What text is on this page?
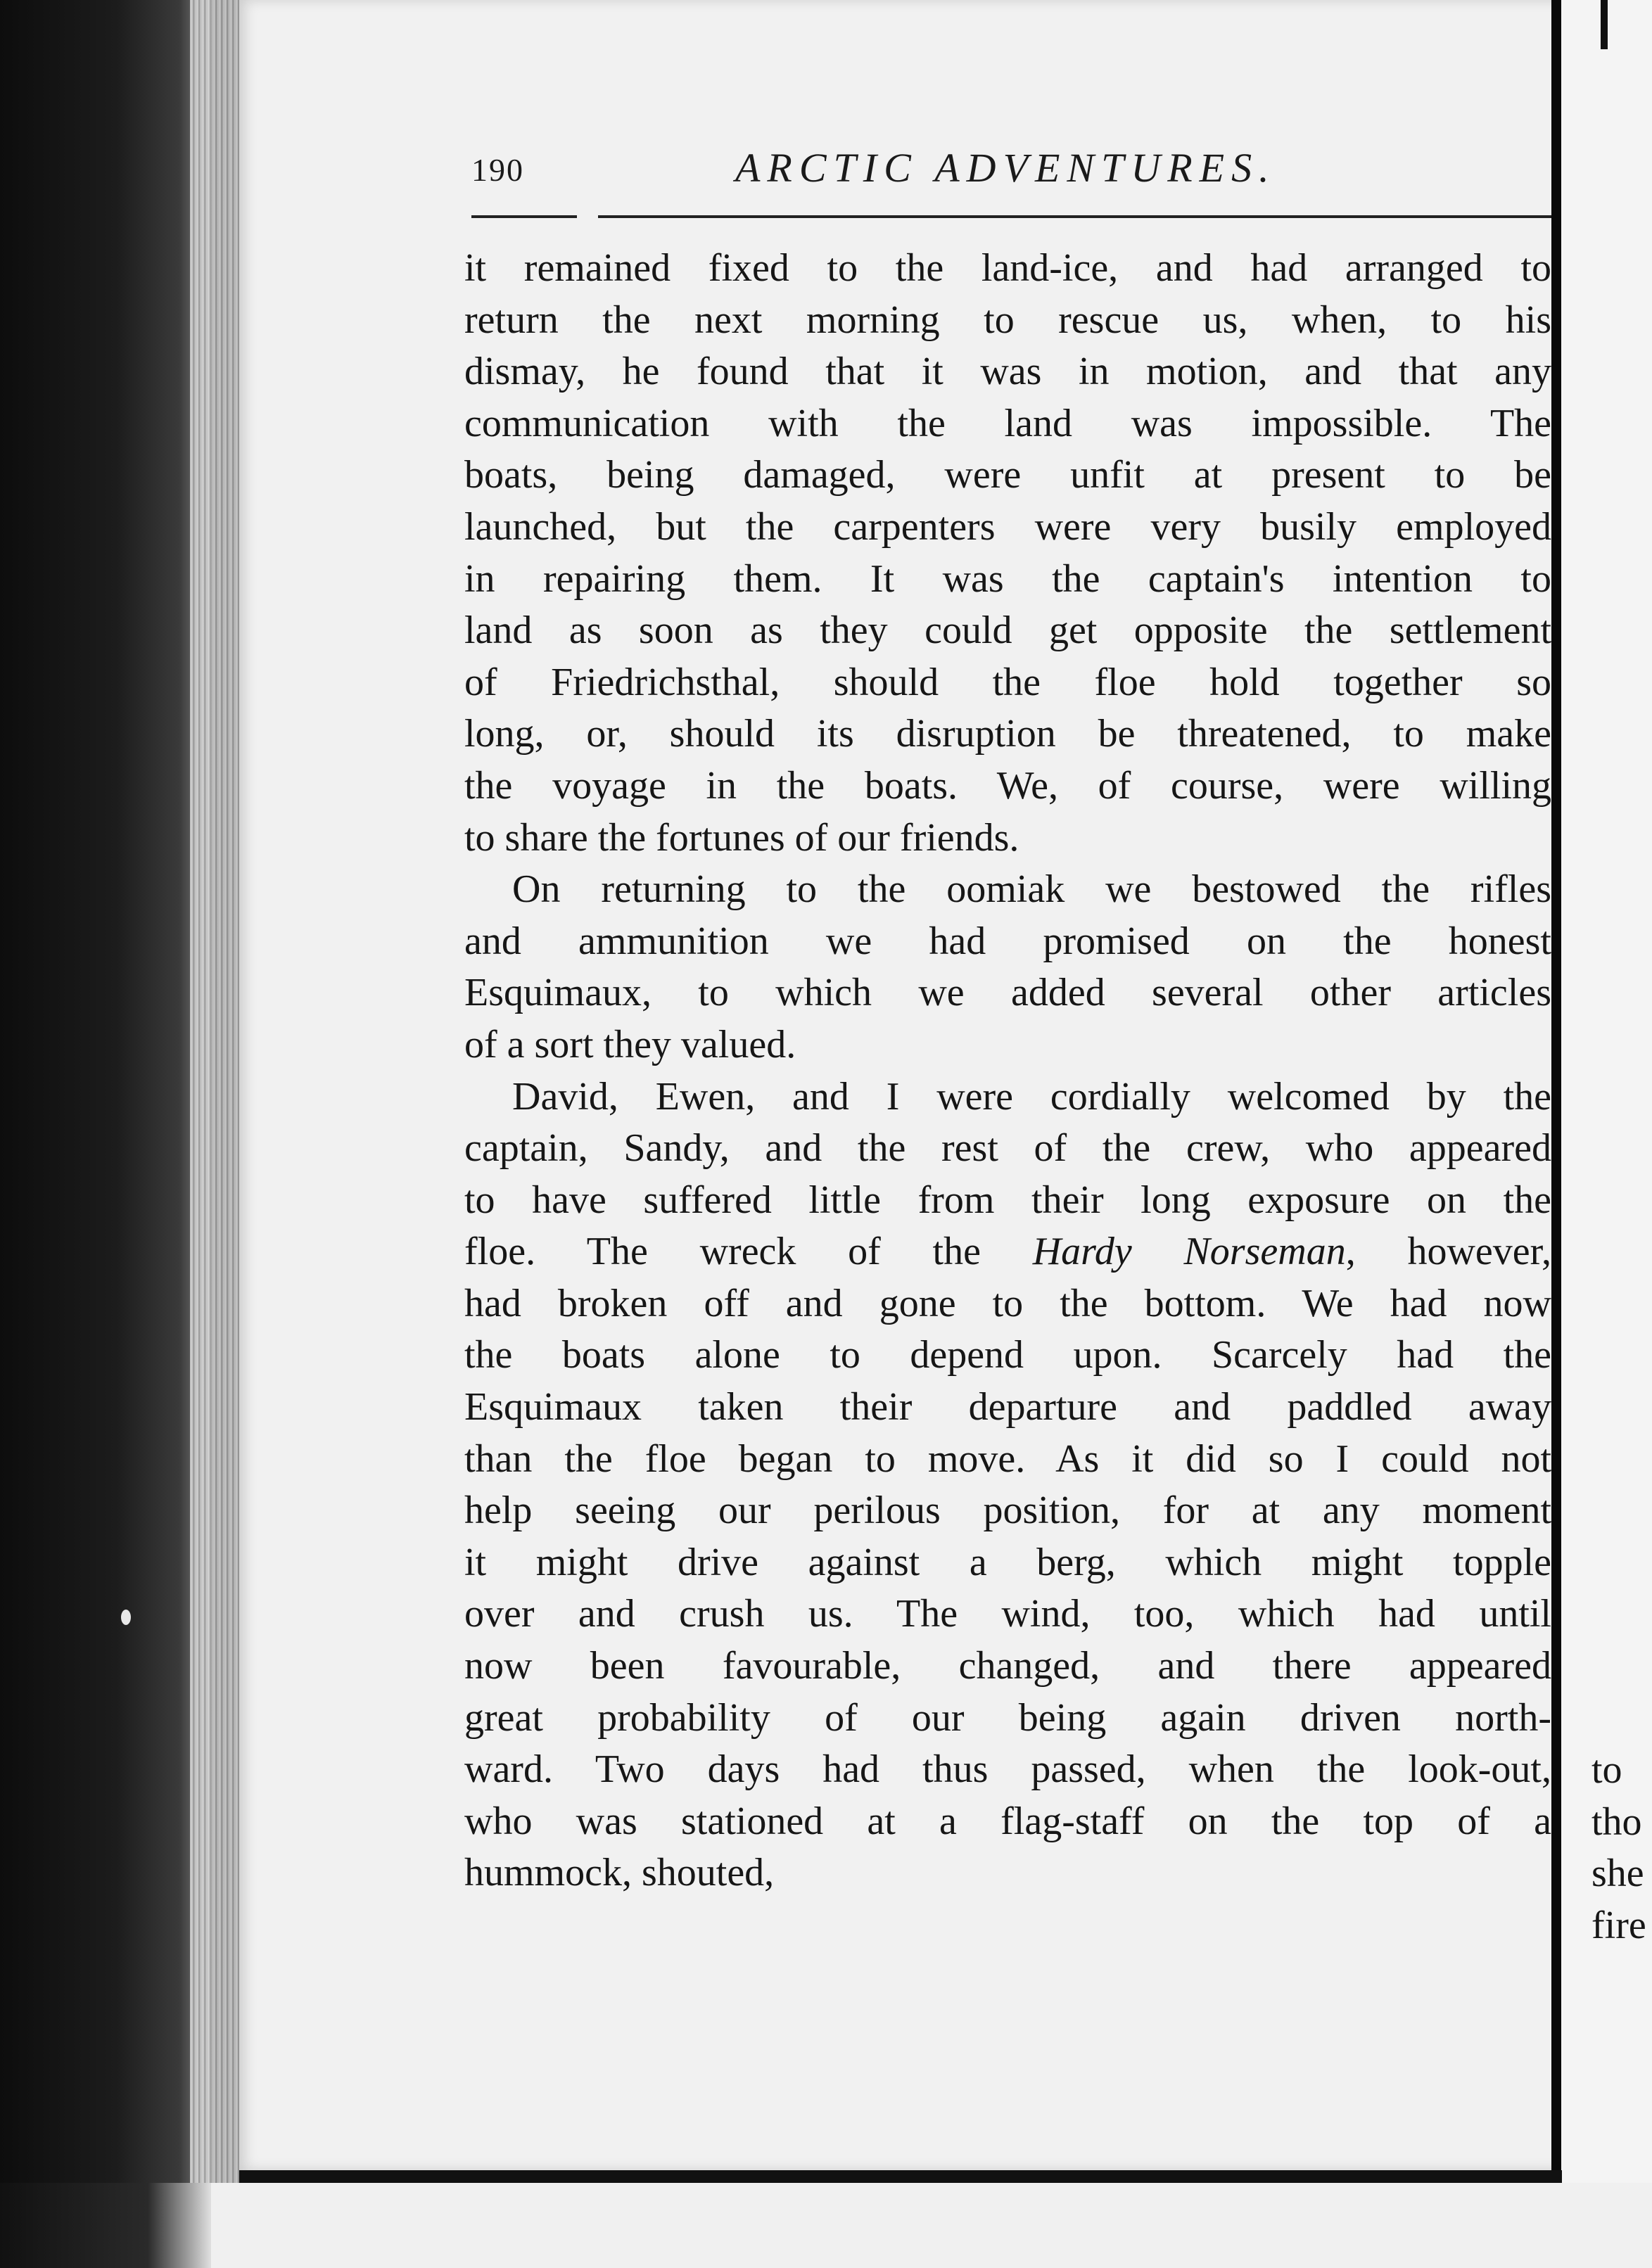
190	ARCTIC ADVENTURES.
it remained fixed to the land-ice, and had arranged to
return the next morning to rescue us, when, to his
dismay, he found that it was in motion, and that any
communication with the land was impossible. The
boats, being damaged, were unfit at present to be
launched, but the carpenters were very busily employed
in repairing them. It was the captain's intention to
land as soon as they could get opposite the settlement
of Friedrichsthal, should the floe hold together so
long, or, should its disruption be threatened, to make
the voyage in the boats. We, of course, were willing
to share the fortunes of our friends.
On returning to the oomiak we bestowed the rifles
and ammunition we had promised on the honest
Esquimaux, to which we added several other articles
of a sort they valued.
David, Ewen, and I were cordially welcomed by the
captain, Sandy, and the rest of the crew, who appeared
to have suffered little from their long exposure on the
floe. The wreck of the Hardy Norseman, however,
had broken off and gone to the bottom. We had now
the boats alone to depend upon. Scarcely had the
Esquimaux taken their departure and paddled away
than the floe began to move. As it did so I could not
help seeing our perilous position, for at any moment
it might drive against a berg, which might topple
over and crush us. The wind, too, which had until
now been favourable, changed, and there appeared
great probability of our being again driven north-
ward. Two days had thus passed, when the look-out,
who was stationed at a flag-staff on the top of a
hummock, shouted,
to
tho
she
fire
